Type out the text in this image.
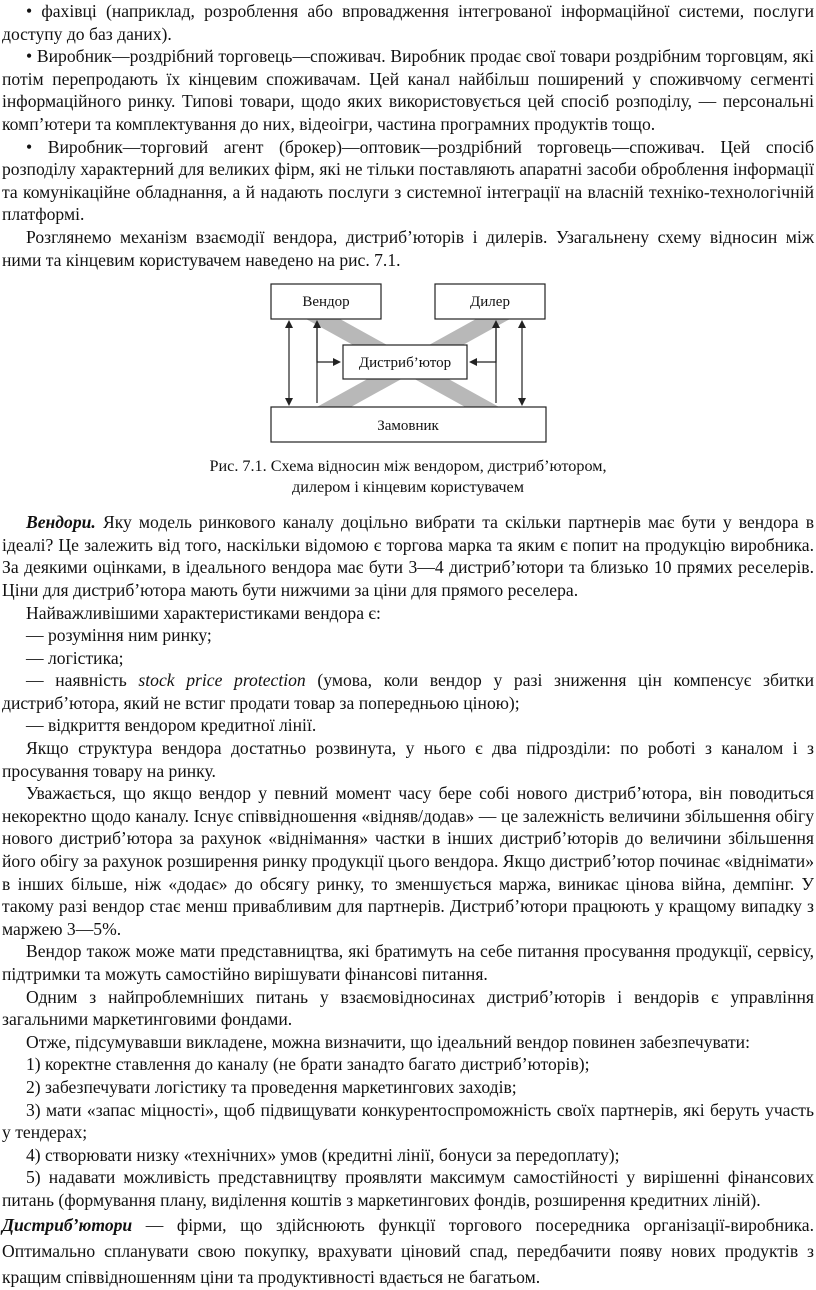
• фахівці (наприклад, розроблення або впровадження інтегрованої інформаційної системи, послуги доступу до баз даних).

• Виробник—роздрібний торговець—споживач. Виробник продає свої товари роздрібним торговцям, які потім перепродають їх кінцевим споживачам. Цей канал найбільш поширений у споживчому сегменті інформаційного ринку. Типові товари, щодо яких використовується цей спосіб розподілу, — персональні комп’ютери та комплектування до них, відеоігри, частина програмних продуктів тощо.

• Виробник—торговий агент (брокер)—оптовик—роздрібний торговець—споживач. Цей спосіб розподілу характерний для великих фірм, які не тільки поставляють апаратні засоби оброблення інформації та комунікаційне обладнання, а й надають послуги з системної інтеграції на власній техніко-технологічній платформі.

Розглянемо механізм взаємодії вендора, дистриб’юторів і дилерів. Узагальнену схему відносин між ними та кінцевим користувачем наведено на рис. 7.1.

Вендор	Дилер
Дистриб’ютор
Замовник
Рис. 7.1. Схема відносин між вендором, дистриб’ютором,
дилером і кінцевим користувачем

Вендори. Яку модель ринкового каналу доцільно вибрати та скільки партнерів має бути у вендора в ідеалі? Це залежить від того, наскільки відомою є торгова марка та яким є попит на продукцію виробника. За деякими оцінками, в ідеального вендора має бути 3—4 дистриб’ютори та близько 10 прямих реселерів. Ціни для дистриб’ютора мають бути нижчими за ціни для прямого реселера.

Найважливішими характеристиками вендора є:

— розуміння ним ринку;

— логістика;

— наявність stock price protection (умова, коли вендор у разі зниження цін компенсує збитки дистриб’ютора, який не встиг продати товар за попередньою ціною);

— відкриття вендором кредитної лінії.

Якщо структура вендора достатньо розвинута, у нього є два підрозділи: по роботі з каналом і з просування товару на ринку.

Уважається, що якщо вендор у певний момент часу бере собі нового дистриб’ютора, він поводиться некоректно щодо каналу. Існує співвідношення «відняв/додав» — це залежність величини збільшення обігу нового дистриб’ютора за рахунок «віднімання» частки в інших дистриб’юторів до величини збільшення його обігу за рахунок розширення ринку продукції цього вендора. Якщо дистриб’ютор починає «віднімати» в інших більше, ніж «додає» до обсягу ринку, то зменшується маржа, виникає цінова війна, демпінг. У такому разі вендор стає менш привабливим для партнерів. Дистриб’ютори працюють у кращому випадку з маржею 3—5%.

Вендор також може мати представництва, які братимуть на себе питання просування продукції, сервісу, підтримки та можуть самостійно вирішувати фінансові питання.

Одним з найпроблемніших питань у взаємовідносинах дистриб’юторів і вендорів є управління загальними маркетинговими фондами.

Отже, підсумувавши викладене, можна визначити, що ідеальний вендор повинен забезпечувати:

1) коректне ставлення до каналу (не брати занадто багато дистриб’юторів);

2) забезпечувати логістику та проведення маркетингових заходів;

3) мати «запас міцності», щоб підвищувати конкурентоспроможність своїх партнерів, які беруть участь у тендерах;

4) створювати низку «технічних» умов (кредитні лінії, бонуси за передоплату);

5) надавати можливість представництву проявляти максимум самостійності у вирішенні фінансових питань (формування плану, виділення коштів з маркетингових фондів, розширення кредитних ліній).

Дистриб’ютори — фірми, що здійснюють функції торгового посередника організації-виробника. Оптимально спланувати свою покупку, врахувати ціновий спад, передбачити появу нових продуктів з кращим співвідношенням ціни та продуктивності вдається не багатьом.
